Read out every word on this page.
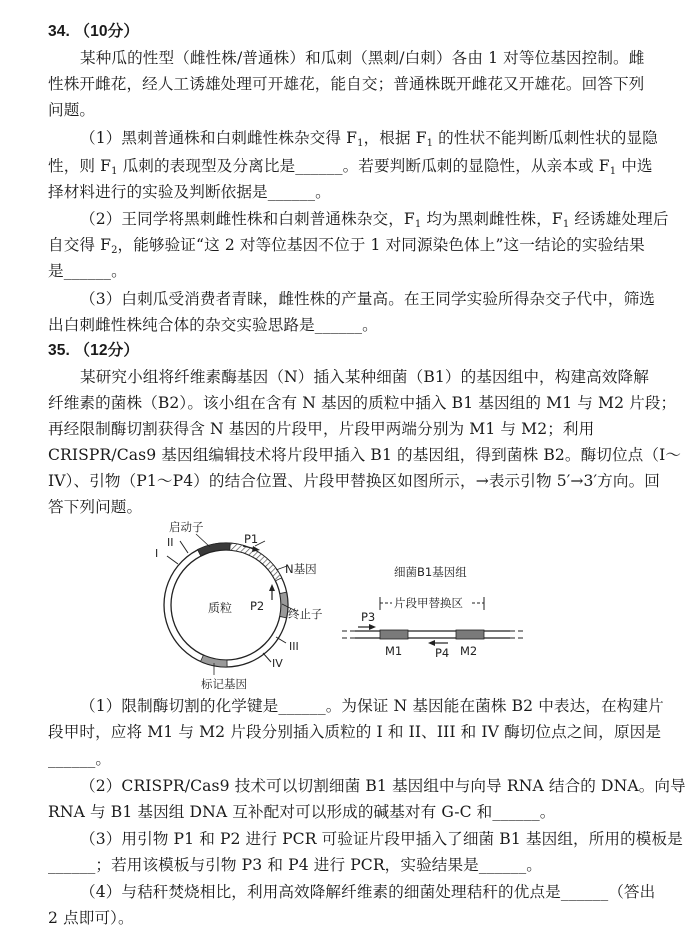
34. （10分）
某种瓜的性型（雌性株/普通株）和瓜刺（黑刺/白刺）各由 1 对等位基因控制。雌
性株开雌花，经人工诱雄处理可开雄花，能自交；普通株既开雌花又开雄花。回答下列
问题。
（1）黑刺普通株和白刺雌性株杂交得 $F_1$，根据 $F_1$ 的性状不能判断瓜刺性状的显隐
性，则 $F_1$ 瓜刺的表现型及分离比是______。若要判断瓜刺的显隐性，从亲本或 $F_1$ 中选
择材料进行的实验及判断依据是______。
（2）王同学将黑刺雌性株和白刺普通株杂交，$F_1$ 均为黑刺雌性株，$F_1$ 经诱雄处理后
自交得 $F_2$，能够验证“这 2 对等位基因不位于 1 对同源染色体上”这一结论的实验结果
是______。
（3）白刺瓜受消费者青睐，雌性株的产量高。在王同学实验所得杂交子代中，筛选
出白刺雌性株纯合体的杂交实验思路是______。
35. （12分）
某研究小组将纤维素酶基因（N）插入某种细菌（B1）的基因组中，构建高效降解
纤维素的菌株（B2）。该小组在含有 N 基因的质粒中插入 B1 基因组的 M1 与 M2 片段；
再经限制酶切割获得含 N 基因的片段甲，片段甲两端分别为 M1 与 M2；利用
CRISPR/Cas9 基因组编辑技术将片段甲插入 B1 的基因组，得到菌株 B2。酶切位点（I～
IV）、引物（P1～P4）的结合位置、片段甲替换区如图所示，→表示引物 5′→3′方向。回
答下列问题。
启动子
P1
II
I
N基因
质粒 P2
终止子
III
IV
标记基因
细菌B1基因组
片段甲替换区
P3
M1	P4 M2
（1）限制酶切割的化学键是______。为保证 N 基因能在菌株 B2 中表达，在构建片
段甲时，应将 M1 与 M2 片段分别插入质粒的 I 和 II、III 和 IV 酶切位点之间，原因是
______。
（2）CRISPR/Cas9 技术可以切割细菌 B1 基因组中与向导 RNA 结合的 DNA。向导
RNA 与 B1 基因组 DNA 互补配对可以形成的碱基对有 G-C 和______。
（3）用引物 P1 和 P2 进行 PCR 可验证片段甲插入了细菌 B1 基因组，所用的模板是
______；若用该模板与引物 P3 和 P4 进行 PCR，实验结果是______。
（4）与秸秆焚烧相比，利用高效降解纤维素的细菌处理秸秆的优点是______（答出
2 点即可）。
